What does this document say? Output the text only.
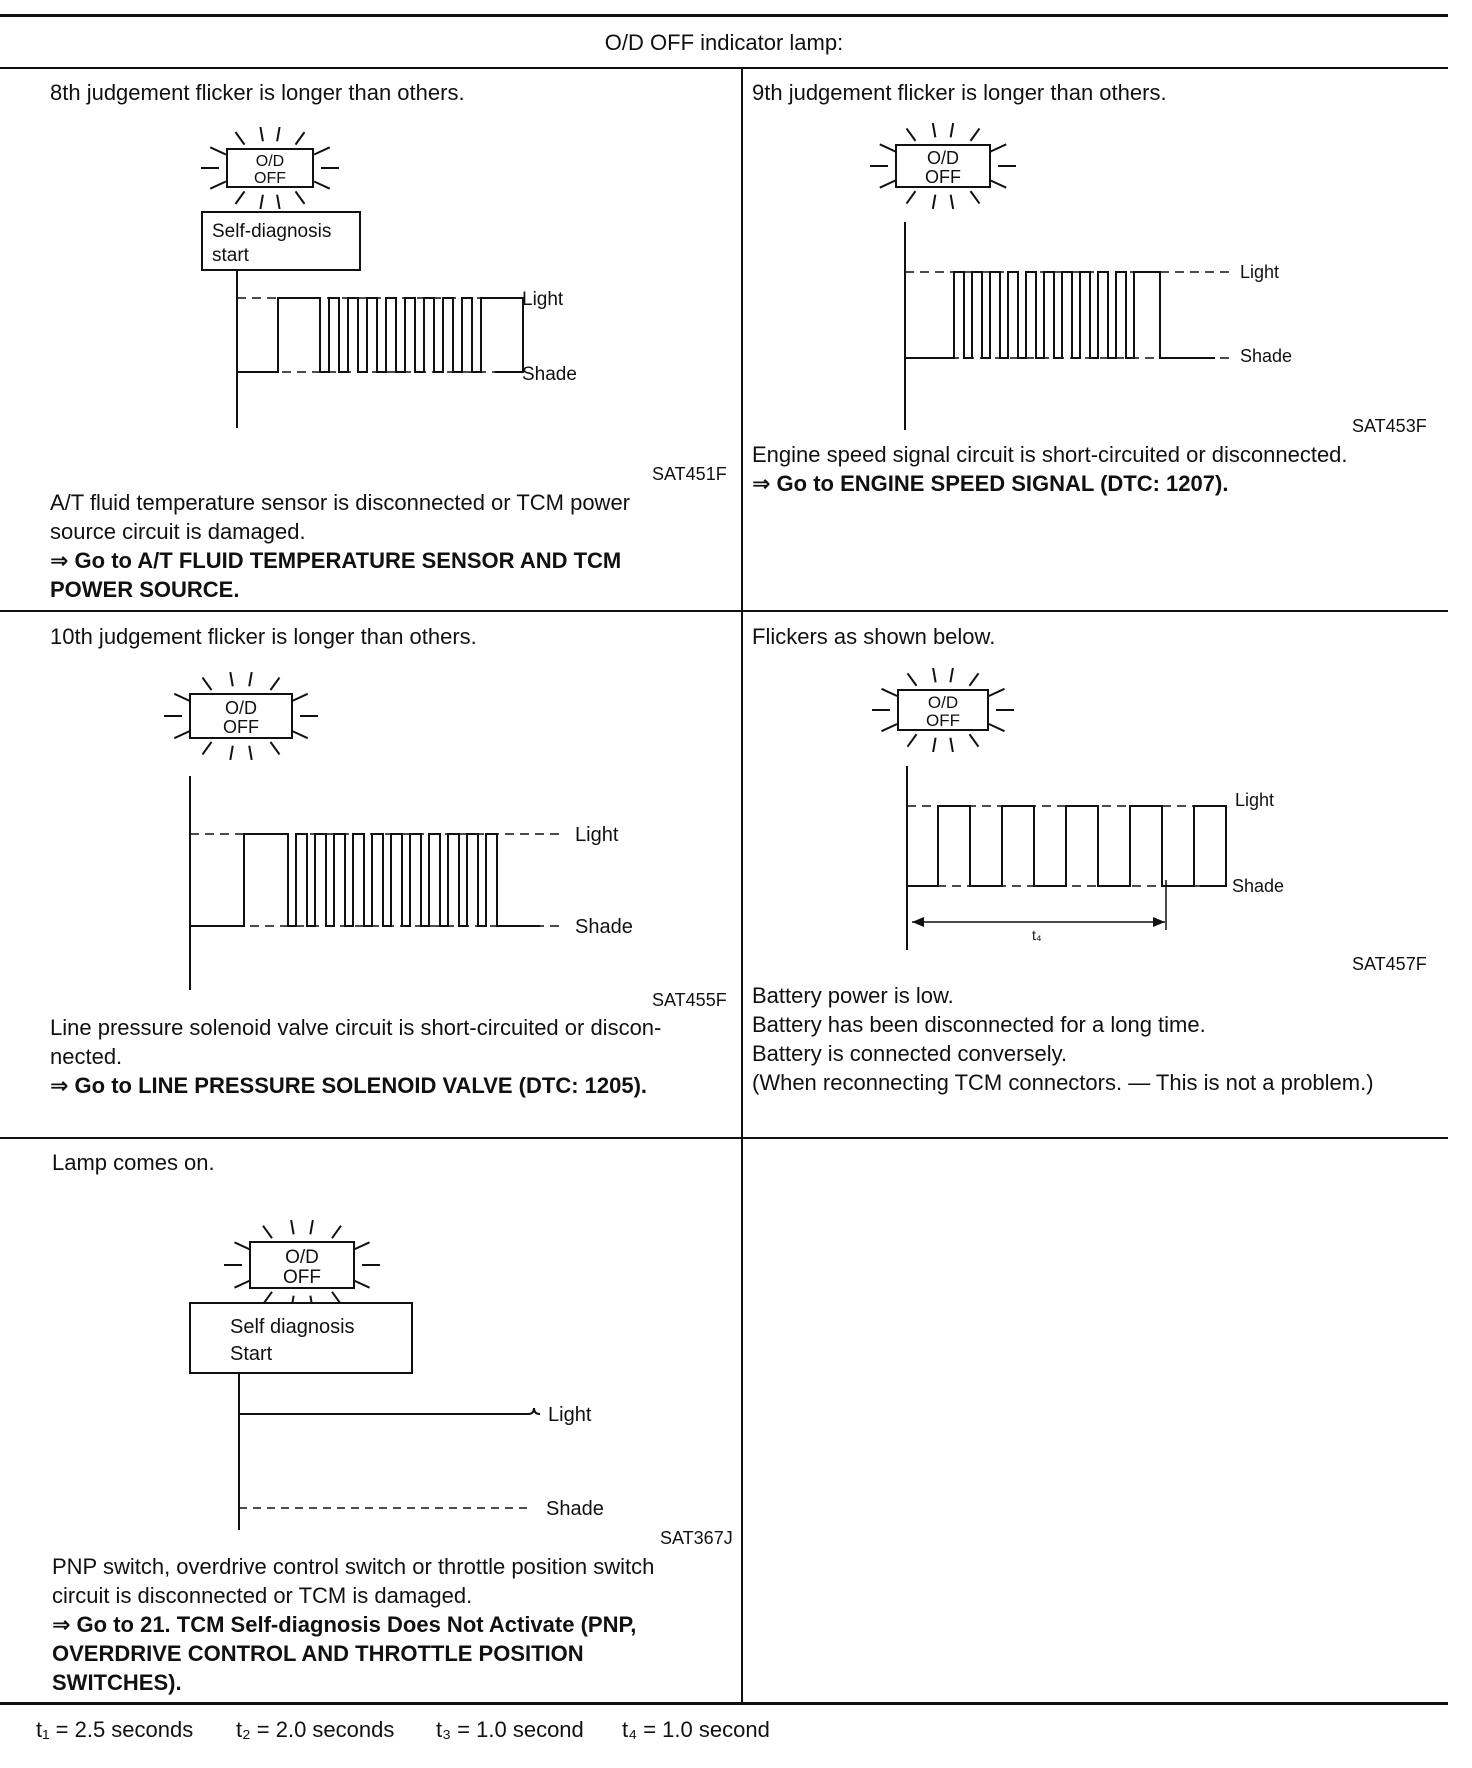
O/D OFF indicator lamp:
8th judgement flicker is longer than others.
O/D
OFF
Self-diagnosis
start
Light
Shade
SAT451F
A/T fluid temperature sensor is disconnected or TCM power
source circuit is damaged.
⇒ Go to A/T FLUID TEMPERATURE SENSOR AND TCM
POWER SOURCE.
9th judgement flicker is longer than others.
O/D
OFF
Light
Shade
SAT453F
Engine speed signal circuit is short-circuited or disconnected.
⇒ Go to ENGINE SPEED SIGNAL (DTC: 1207).
10th judgement flicker is longer than others.
O/D
OFF
Light
Shade
SAT455F
Line pressure solenoid valve circuit is short-circuited or discon-
nected.
⇒ Go to LINE PRESSURE SOLENOID VALVE (DTC: 1205).
Flickers as shown below.
O/D
OFF
t₄
Light
Shade
SAT457F
Battery power is low.
Battery has been disconnected for a long time.
Battery is connected conversely.
(When reconnecting TCM connectors. — This is not a problem.)
Lamp comes on.
O/D
OFF
Self diagnosis
Start
Light
Shade
SAT367J
PNP switch, overdrive control switch or throttle position switch
circuit is disconnected or TCM is damaged.
⇒ Go to 21. TCM Self-diagnosis Does Not Activate (PNP,
OVERDRIVE CONTROL AND THROTTLE POSITION
SWITCHES).
t₁ = 2.5 seconds t₂ = 2.0 seconds t₃ = 1.0 second t₄ = 1.0 second
